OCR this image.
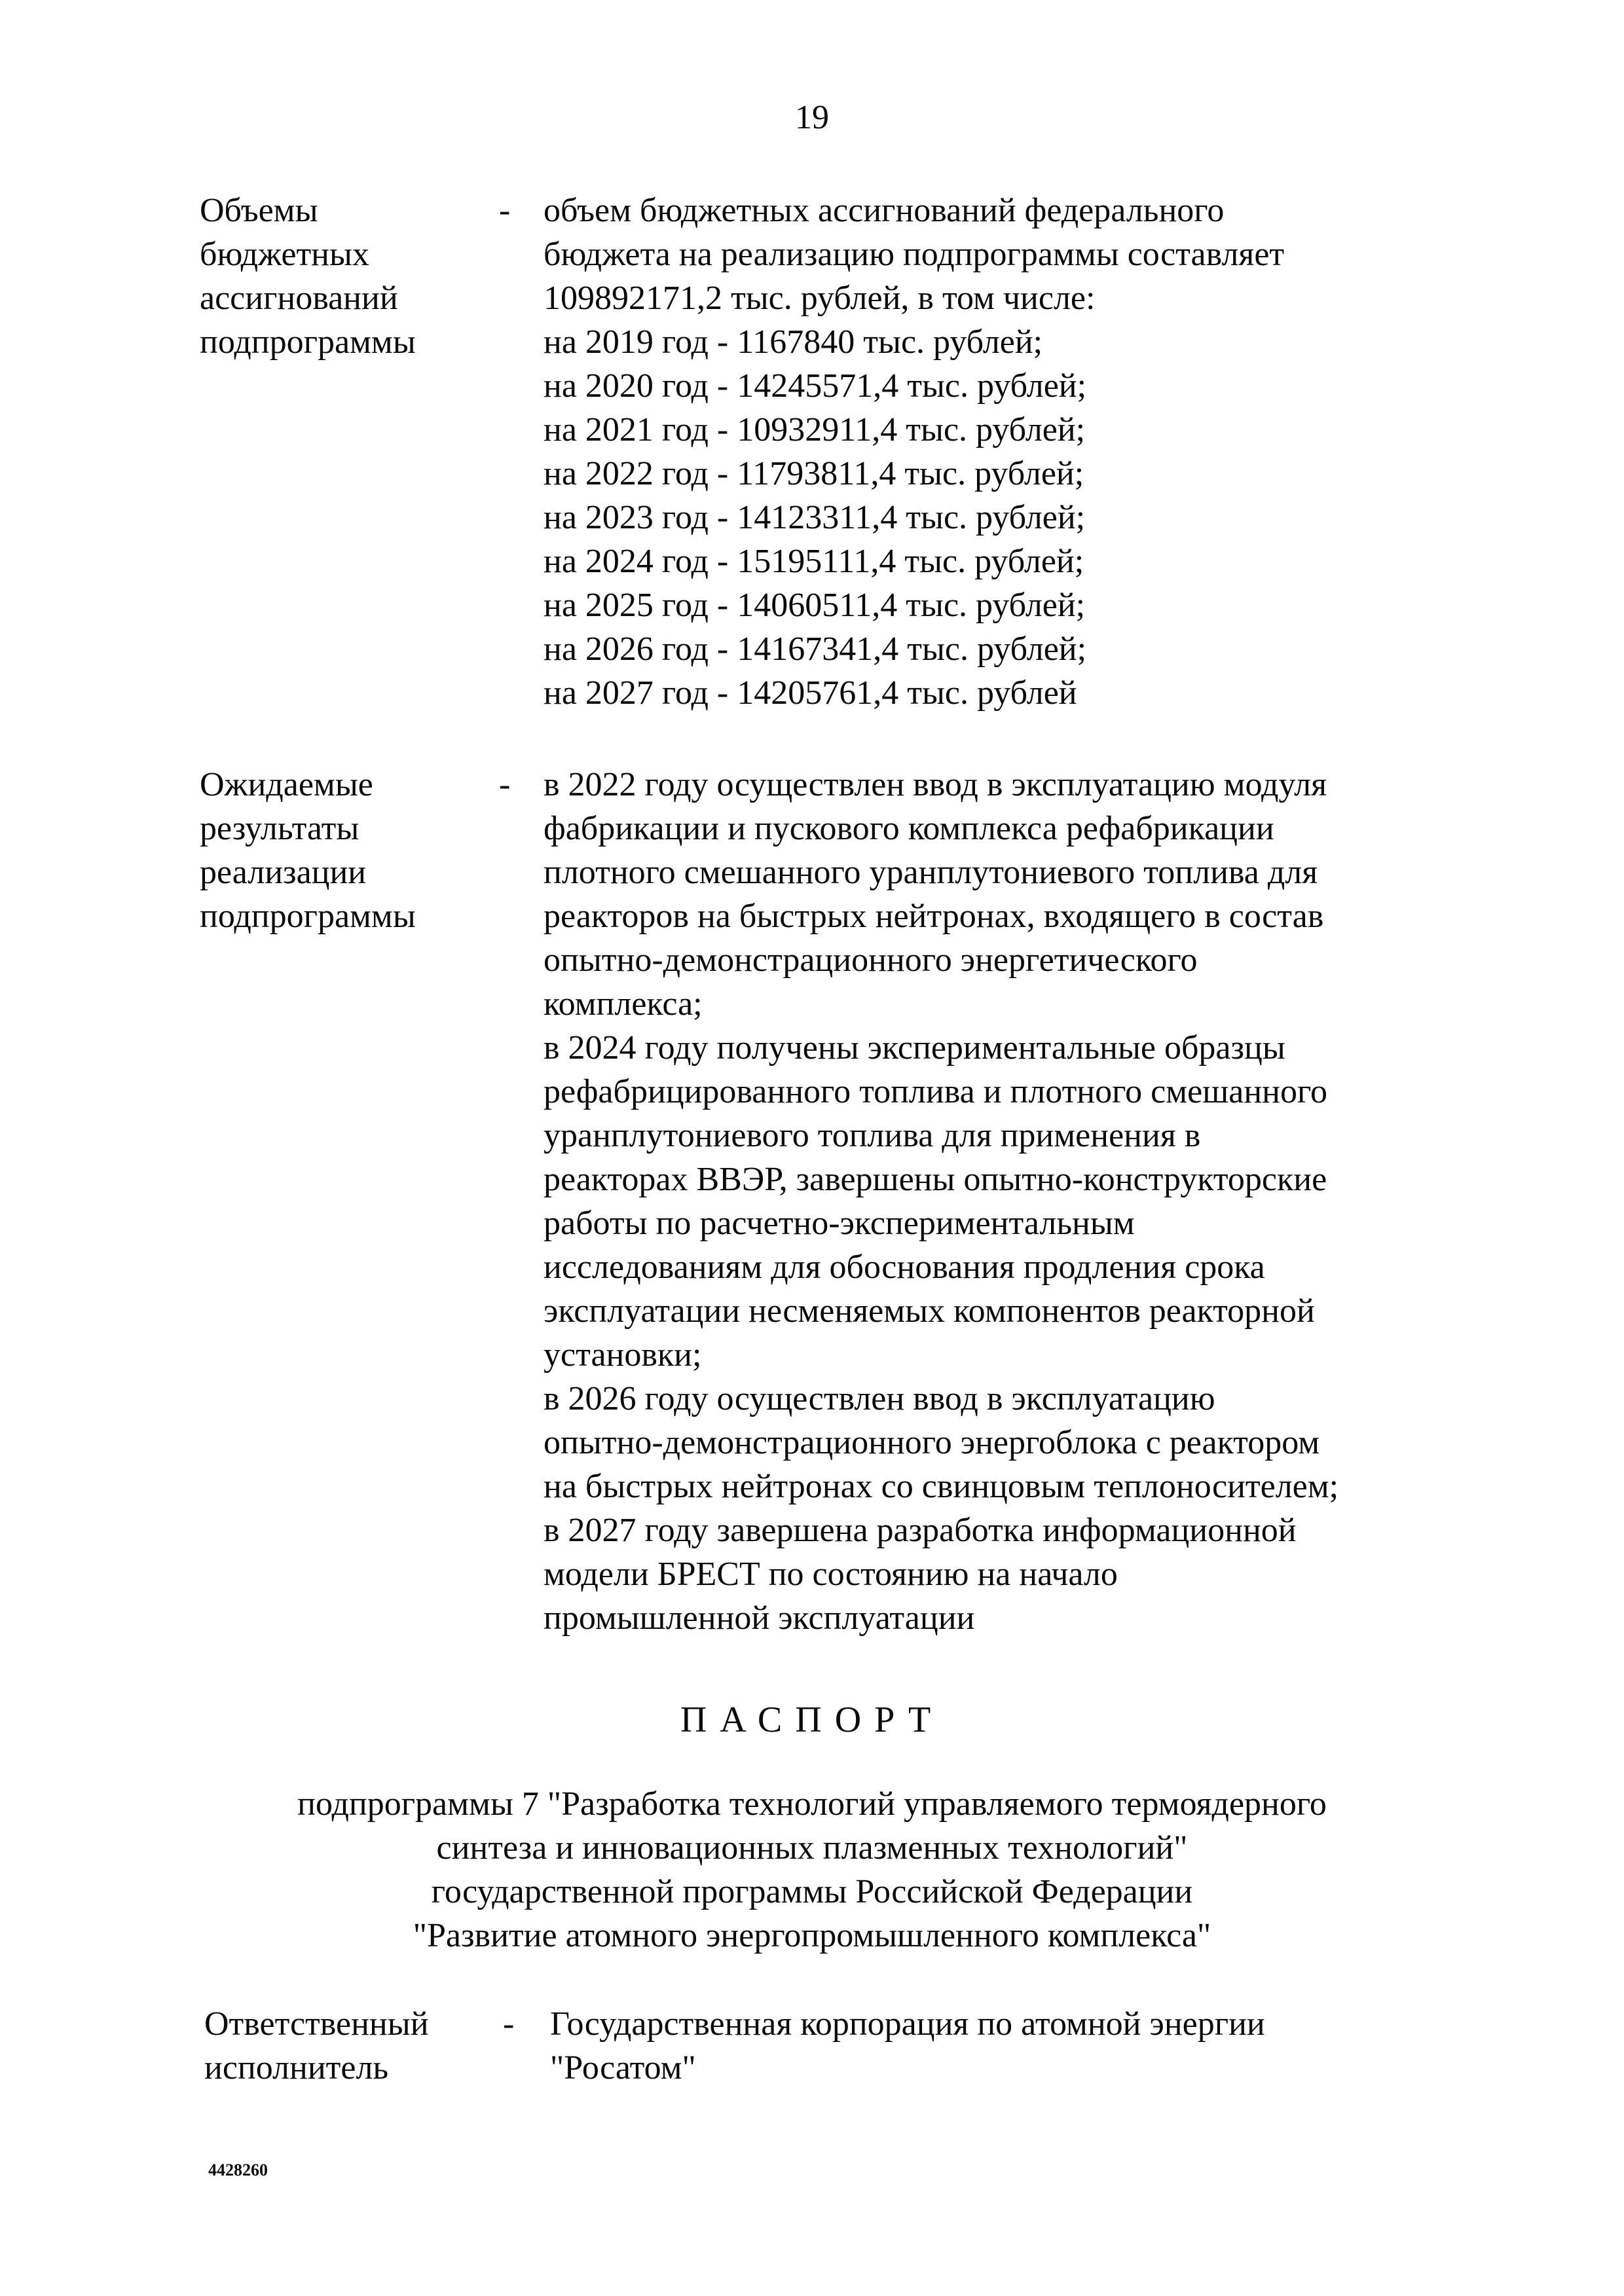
19
Объемы
бюджетных
ассигнований
подпрограммы
- объем бюджетных ассигнований федерального
бюджета на реализацию подпрограммы составляет
109892171,2 тыс. рублей, в том числе:
на 2019 год - 1167840 тыс. рублей;
на 2020 год - 14245571,4 тыс. рублей;
на 2021 год - 10932911,4 тыс. рублей;
на 2022 год - 11793811,4 тыс. рублей;
на 2023 год - 14123311,4 тыс. рублей;
на 2024 год - 15195111,4 тыс. рублей;
на 2025 год - 14060511,4 тыс. рублей;
на 2026 год - 14167341,4 тыс. рублей;
на 2027 год - 14205761,4 тыс. рублей
Ожидаемые
результаты
реализации
подпрограммы
- в 2022 году осуществлен ввод в эксплуатацию модуля
фабрикации и пускового комплекса рефабрикации
плотного смешанного уранплутониевого топлива для
реакторов на быстрых нейтронах, входящего в состав
опытно-демонстрационного энергетического
комплекса;
в 2024 году получены экспериментальные образцы
рефабрицированного топлива и плотного смешанного
уранплутониевого топлива для применения в
реакторах ВВЭР, завершены опытно-конструкторские
работы по расчетно-экспериментальным
исследованиям для обоснования продления срока
эксплуатации несменяемых компонентов реакторной
установки;
в 2026 году осуществлен ввод в эксплуатацию
опытно-демонстрационного энергоблока с реактором
на быстрых нейтронах со свинцовым теплоносителем;
в 2027 году завершена разработка информационной
модели БРЕСТ по состоянию на начало
промышленной эксплуатации
ПАСПОРТ
подпрограммы 7 "Разработка технологий управляемого термоядерного
синтеза и инновационных плазменных технологий"
государственной программы Российской Федерации
"Развитие атомного энергопромышленного комплекса"
Ответственный
исполнитель
- Государственная корпорация по атомной энергии
"Росатом"
4428260
